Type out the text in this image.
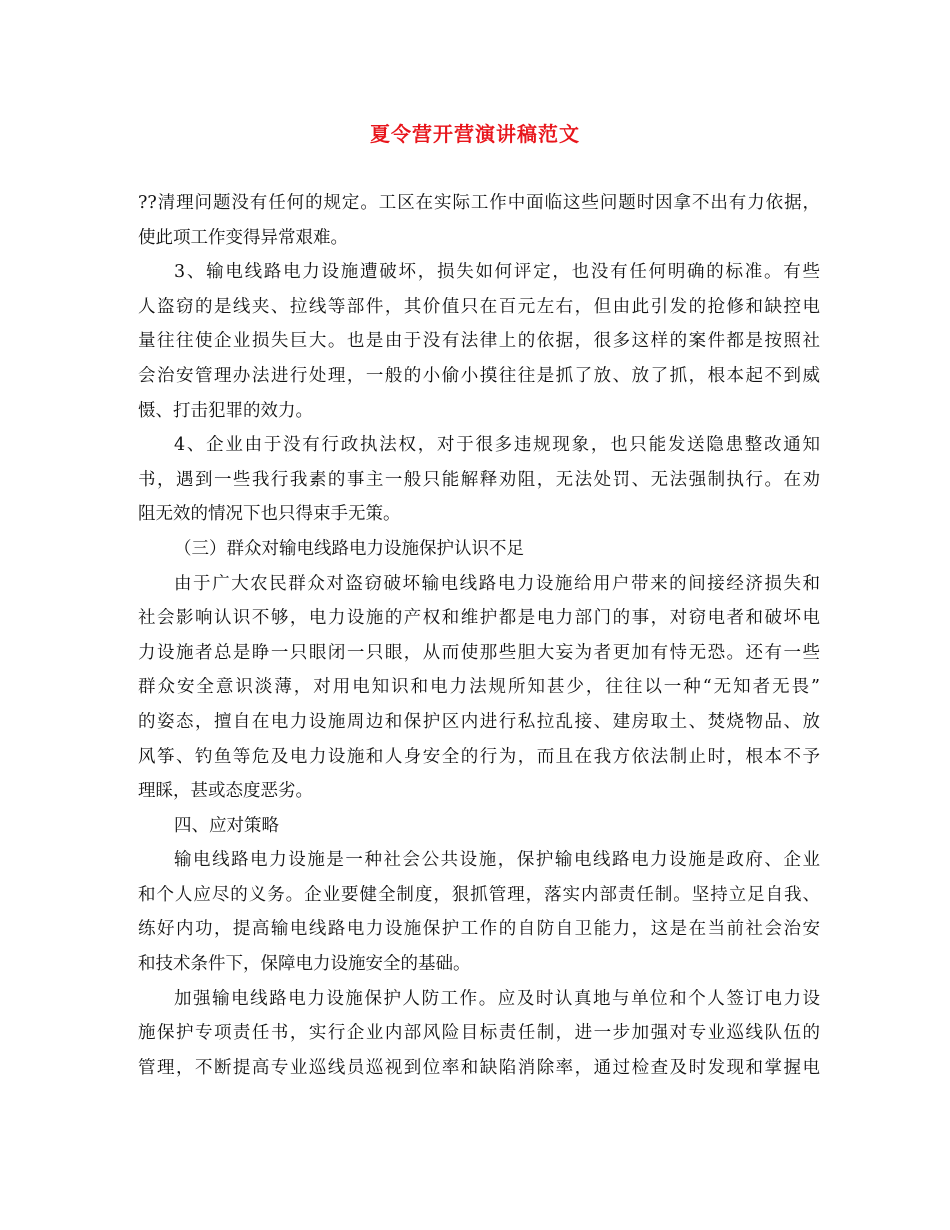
夏令营开营演讲稿范文
??清理问题没有任何的规定。工区在实际工作中面临这些问题时因拿不出有力依据，
使此项工作变得异常艰难。
3、输电线路电力设施遭破坏，损失如何评定，也没有任何明确的标准。有些
人盗窃的是线夹、拉线等部件，其价值只在百元左右，但由此引发的抢修和缺控电
量往往使企业损失巨大。也是由于没有法律上的依据，很多这样的案件都是按照社
会治安管理办法进行处理，一般的小偷小摸往往是抓了放、放了抓，根本起不到威
慑、打击犯罪的效力。
4、企业由于没有行政执法权，对于很多违规现象，也只能发送隐患整改通知
书，遇到一些我行我素的事主一般只能解释劝阻，无法处罚、无法强制执行。在劝
阻无效的情况下也只得束手无策。
（三）群众对输电线路电力设施保护认识不足
由于广大农民群众对盗窃破坏输电线路电力设施给用户带来的间接经济损失和
社会影响认识不够，电力设施的产权和维护都是电力部门的事，对窃电者和破坏电
力设施者总是睁一只眼闭一只眼，从而使那些胆大妄为者更加有恃无恐。还有一些
群众安全意识淡薄，对用电知识和电力法规所知甚少，往往以一种“无知者无畏”
的姿态，擅自在电力设施周边和保护区内进行私拉乱接、建房取土、焚烧物品、放
风筝、钓鱼等危及电力设施和人身安全的行为，而且在我方依法制止时，根本不予
理睬，甚或态度恶劣。
四、应对策略
输电线路电力设施是一种社会公共设施，保护输电线路电力设施是政府、企业
和个人应尽的义务。企业要健全制度，狠抓管理，落实内部责任制。坚持立足自我、
练好内功，提高输电线路电力设施保护工作的自防自卫能力，这是在当前社会治安
和技术条件下，保障电力设施安全的基础。
加强输电线路电力设施保护人防工作。应及时认真地与单位和个人签订电力设
施保护专项责任书，实行企业内部风险目标责任制，进一步加强对专业巡线队伍的
管理，不断提高专业巡线员巡视到位率和缺陷消除率，通过检查及时发现和掌握电
